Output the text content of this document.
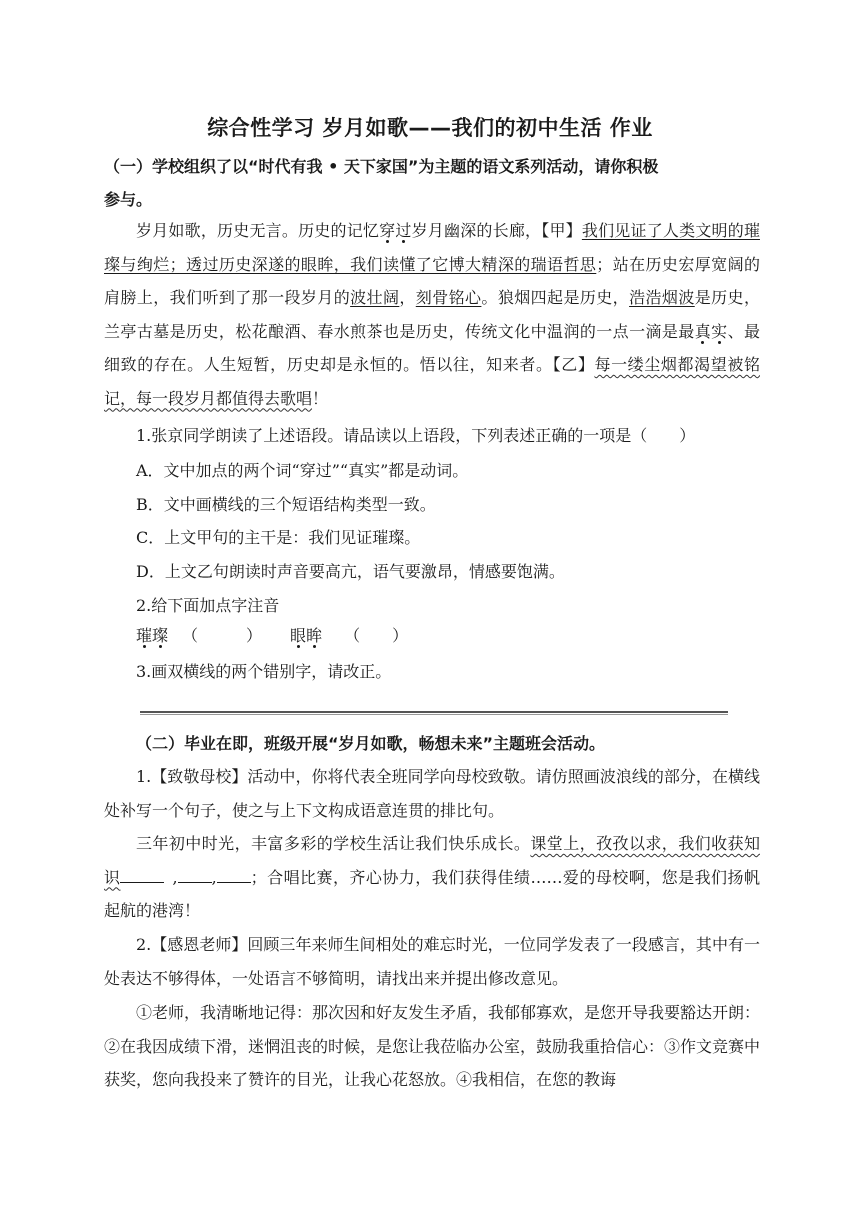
综合性学习 岁月如歌——我们的初中生活 作业
（一）学校组织了以“时代有我 • 天下家国”为主题的语文系列活动，请你积极
参与。
岁月如歌，历史无言。历史的记忆穿过岁月幽深的长廊，【甲】我们见证了人类文明的璀璨与绚烂；透过历史深遂的眼眸，我们读懂了它博大精深的瑞语哲思；站在历史宏厚宽阔的肩膀上，我们听到了那一段岁月的波壮阔，刻骨铭心。狼烟四起是历史，浩浩烟波是历史，兰亭古墓是历史，松花酿酒、春水煎茶也是历史，传统文化中温润的一点一滴是最真实、最细致的存在。人生短暂，历史却是永恒的。悟以往，知来者。【乙】每一缕尘烟都渴望被铭记，每一段岁月都值得去歌唱！
1.张京同学朗读了上述语段。请品读以上语段，下列表述正确的一项是（　　）
A．文中加点的两个词“穿过”“真实”都是动词。
B．文中画横线的三个短语结构类型一致。
C．上文甲句的主干是：我们见证璀璨。
D．上文乙句朗读时声音要高亢，语气要激昂，情感要饱满。
2.给下面加点字注音
璀璨 （　　　） 眼眸 （　　）
3.画双横线的两个错别字，请改正。
（二）毕业在即，班级开展“岁月如歌，畅想未来”主题班会活动。
1.【致敬母校】活动中，你将代表全班同学向母校致敬。请仿照画波浪线的部分，在横线处补写一个句子，使之与上下文构成语意连贯的排比句。
三年初中时光，丰富多彩的学校生活让我们快乐成长。课堂上，孜孜以求，我们收获知识	, , ；合唱比赛，齐心协力，我们获得佳绩……爱的母校啊，您是我们扬帆起航的港湾！
2.【感恩老师】回顾三年来师生间相处的难忘时光，一位同学发表了一段感言，其中有一处表达不够得体，一处语言不够简明，请找出来并提出修改意见。
①老师，我清晰地记得：那次因和好友发生矛盾，我郁郁寡欢，是您开导我要豁达开朗：②在我因成绩下滑，迷惘沮丧的时候，是您让我莅临办公室，鼓励我重拾信心：③作文竞赛中获奖，您向我投来了赞许的目光，让我心花怒放。④我相信，在您的教诲
